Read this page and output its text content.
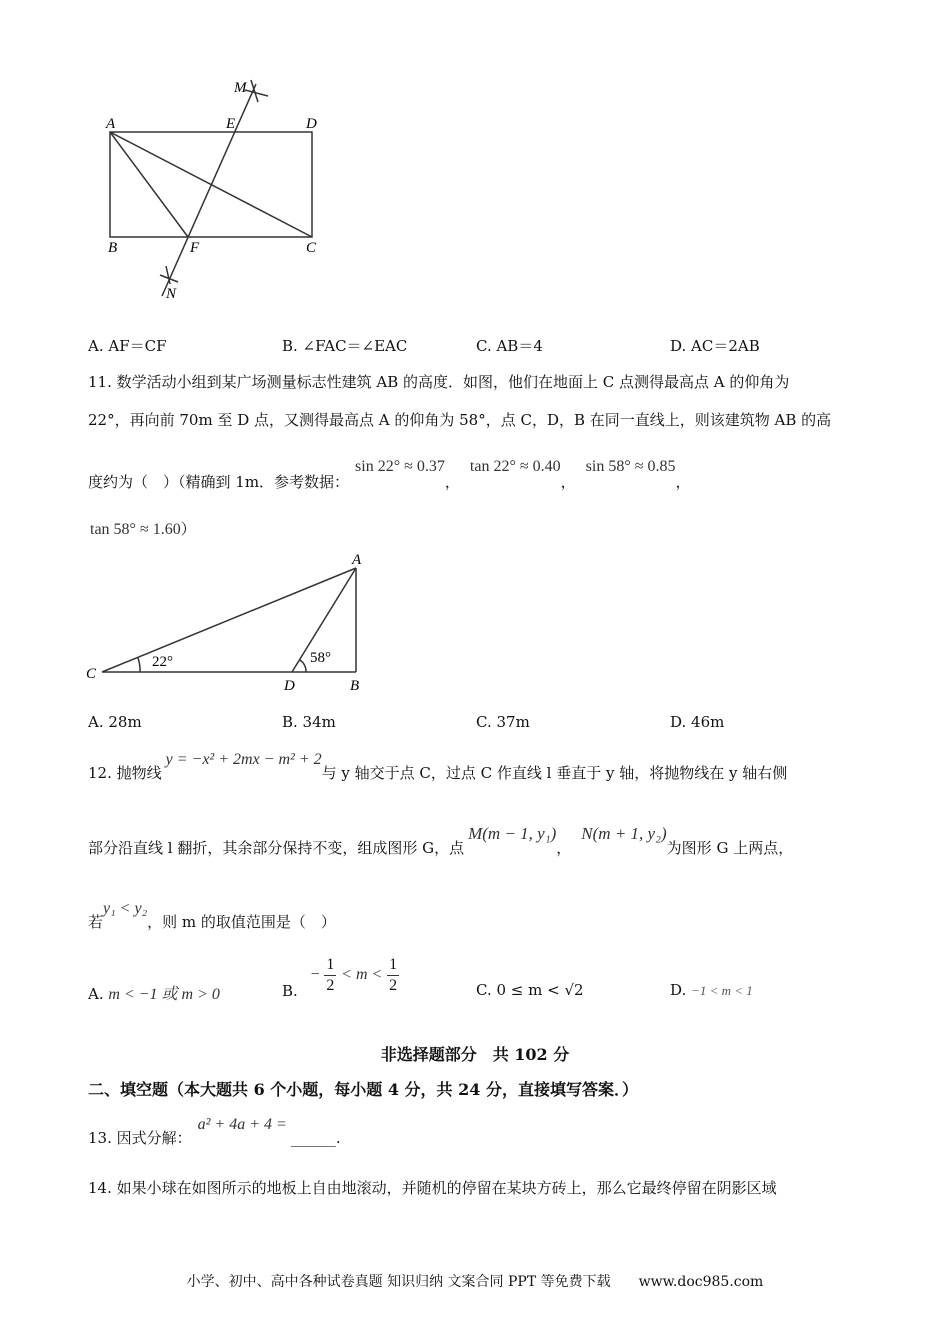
M
A	E	D
B	F	C
N
A. AF＝CF	B. ∠FAC＝∠EAC	C. AB＝4	D. AC＝2AB
11. 数学活动小组到某广场测量标志性建筑 AB 的高度．如图，他们在地面上 C 点测得最高点 A 的仰角为
22°，再向前 70m 至 D 点，又测得最高点 A 的仰角为 58°，点 C，D，B 在同一直线上，则该建筑物 AB 的高
度约为（　）（精确到 1m．参考数据：sin 22° ≈ 0.37，tan 22° ≈ 0.40，sin 58° ≈ 0.85，
tan 58° ≈ 1.60）
A
C
D	B
22°	58°
A. 28m	B. 34m	C. 37m	D. 46m
12. 抛物线y = −x² + 2mx − m² + 2与 y 轴交于点 C，过点 C 作直线 l 垂直于 y 轴，将抛物线在 y 轴右侧
部分沿直线 l 翻折，其余部分保持不变，组成图形 G，点M(m − 1, y₁)，N(m + 1, y₂)为图形 G 上两点，
若y₁ < y₂，则 m 的取值范围是（　）
A. m < −1 或 m > 0	B. − $\frac{1}{2} < m < \frac{1}{2}$	C. 0 ≤ m < √2	D. −1 < m < 1
非选择题部分　共 102 分
二、填空题（本大题共 6 个小题，每小题 4 分，共 24 分，直接填写答案．）
13. 因式分解：a² + 4a + 4 =______.
14. 如果小球在如图所示的地板上自由地滚动，并随机的停留在某块方砖上，那么它最终停留在阴影区域
小学、初中、高中各种试卷真题 知识归纳 文案合同 PPT 等免费下载　　www.doc985.com
